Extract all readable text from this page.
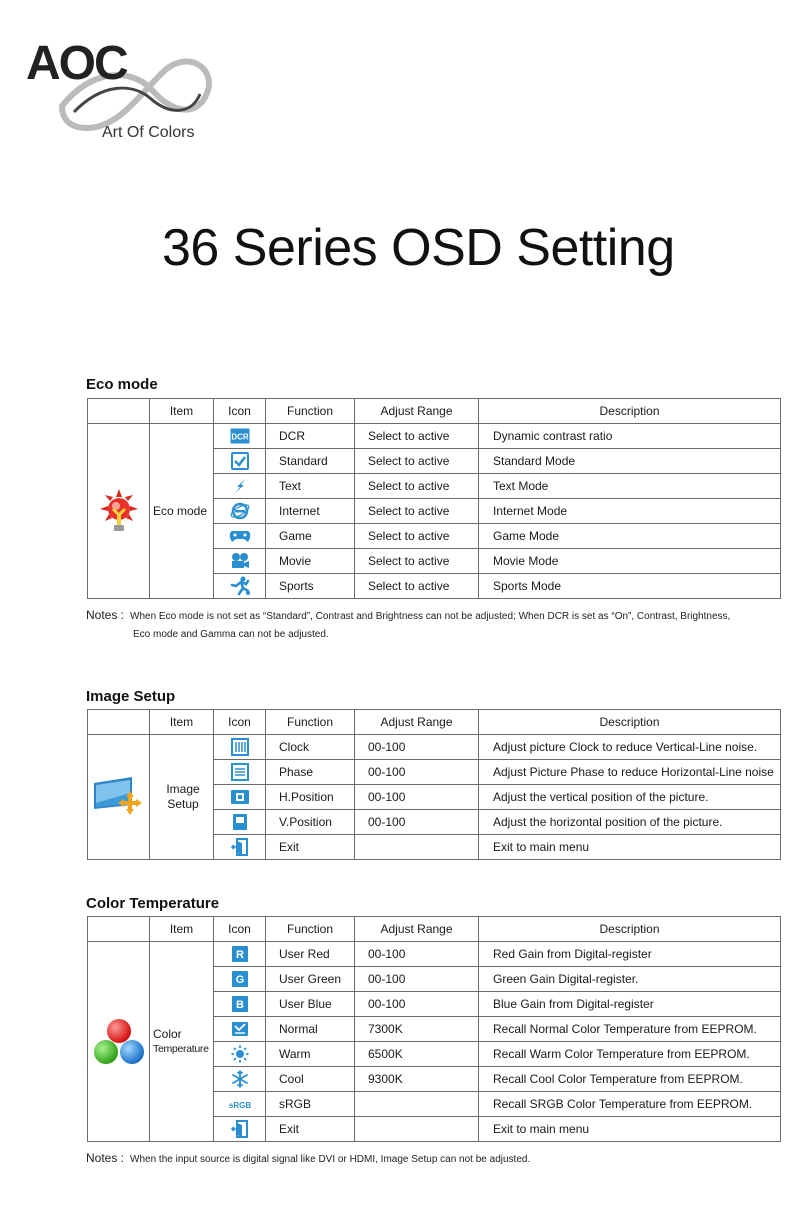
AOC
Art Of Colors
36 Series OSD Setting
Eco mode
	Item	Icon	Function	Adjust Range	Description
	Eco mode	DCR	DCR	Select to active	Dynamic contrast ratio
	Standard	Select to active	Standard Mode
	Text	Select to active	Text Mode
	Internet	Select to active	Internet Mode
	Game	Select to active	Game Mode
	Movie	Select to active	Movie Mode
	Sports	Select to active	Sports Mode
Notes : When Eco mode is not set as “Standard”, Contrast and Brightness can not be adjusted; When DCR is set as “On”, Contrast, Brightness,
Eco mode and Gamma can not be adjusted.
Image Setup
	Item	Icon	Function	Adjust Range	Description

Image
Setup		Clock	00-100	Adjust picture Clock to reduce Vertical-Line noise.
	Phase	00-100	Adjust Picture Phase to reduce Horizontal-Line noise
	H.Position	00-100	Adjust the vertical position of the picture.
	V.Position	00-100	Adjust the horizontal position of the picture.
	Exit		Exit to main menu
Color Temperature
	Item	Icon	Function	Adjust Range	Description

Color
Temperature	R	User Red	00-100	Red Gain from Digital-register

G	User Green	00-100	Green Gain Digital-register.

B	User Blue	00-100	Blue Gain from Digital-register
	Normal	7300K	Recall Normal Color Temperature from EEPROM.
	Warm	6500K	Recall Warm Color Temperature from EEPROM.
	Cool	9300K	Recall Cool Color Temperature from EEPROM.

sRGB	sRGB		Recall SRGB Color Temperature from EEPROM.
	Exit		Exit to main menu
Notes : When the input source is digital signal like DVI or HDMI, Image Setup can not be adjusted.
